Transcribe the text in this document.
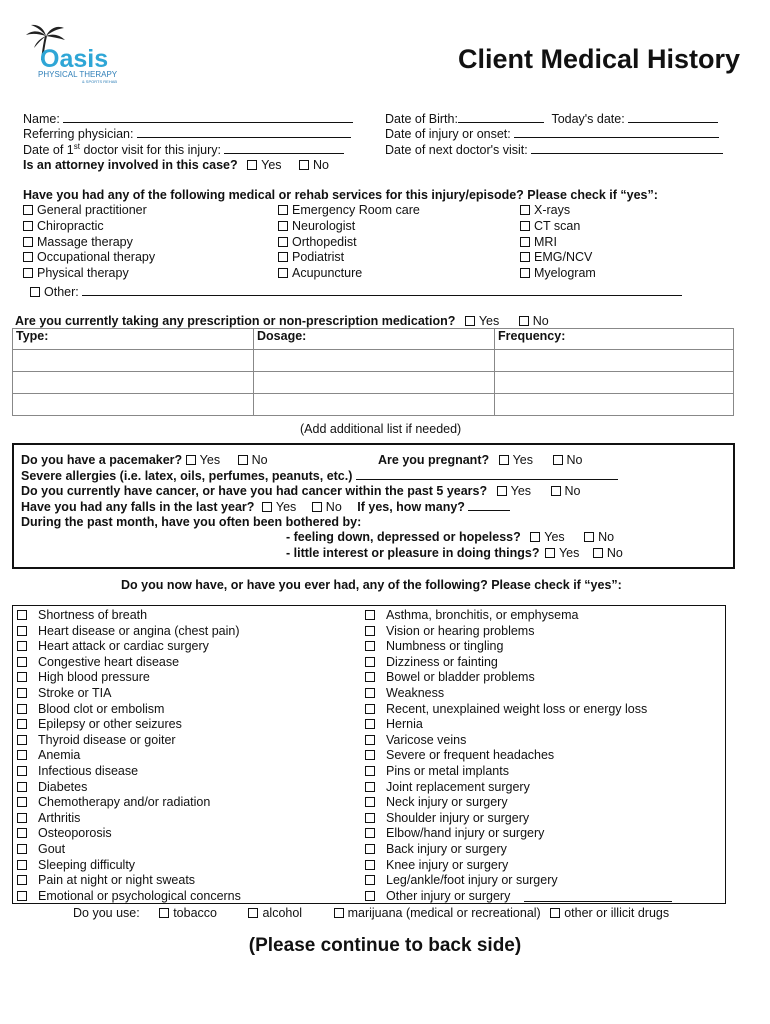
Oasis
PHYSICAL THERAPY
& SPORTS REHAB
Client Medical History
Name:
Referring physician:
Date of 1st doctor visit for this injury:
Is an attorney involved in this case? Yes	No
Date of Birth:	Today's date:
Date of injury or onset:
Date of next doctor's visit:
Have you had any of the following medical or rehab services for this injury/episode? Please check if “yes”:
General practitioner
Chiropractic
Massage therapy
Occupational therapy
Physical therapy
Emergency Room care
Neurologist
Orthopedist
Podiatrist
Acupuncture
X-rays
CT scan
MRI
EMG/NCV
Myelogram
Other:
Are you currently taking any prescription or non-prescription medication? Yes	No
Type:	Dosage:	Frequency:

(Add additional list if needed)
Do you have a pacemaker? Yes	No	Are you pregnant? Yes	No
Severe allergies (i.e. latex, oils, perfumes, peanuts, etc.)
Do you currently have cancer, or have you had cancer within the past 5 years? Yes	No
Have you had any falls in the last year? Yes No If yes, how many?
During the past month, have you often been bothered by:
- feeling down, depressed or hopeless? Yes	No
- little interest or pleasure in doing things? Yes No
Do you now have, or have you ever had, any of the following? Please check if “yes”:
Shortness of breath
Heart disease or angina (chest pain)
Heart attack or cardiac surgery
Congestive heart disease
High blood pressure
Stroke or TIA
Blood clot or embolism
Epilepsy or other seizures
Thyroid disease or goiter
Anemia
Infectious disease
Diabetes
Chemotherapy and/or radiation
Arthritis
Osteoporosis
Gout
Sleeping difficulty
Pain at night or night sweats
Emotional or psychological concerns
Asthma, bronchitis, or emphysema
Vision or hearing problems
Numbness or tingling
Dizziness or fainting
Bowel or bladder problems
Weakness
Recent, unexplained weight loss or energy loss
Hernia
Varicose veins
Severe or frequent headaches
Pins or metal implants
Joint replacement surgery
Neck injury or surgery
Shoulder injury or surgery
Elbow/hand injury or surgery
Back injury or surgery
Knee injury or surgery
Leg/ankle/foot injury or surgery
Other injury or surgery
Do you use:	tobacco	alcohol	marijuana (medical or recreational) other or illicit drugs
(Please continue to back side)
